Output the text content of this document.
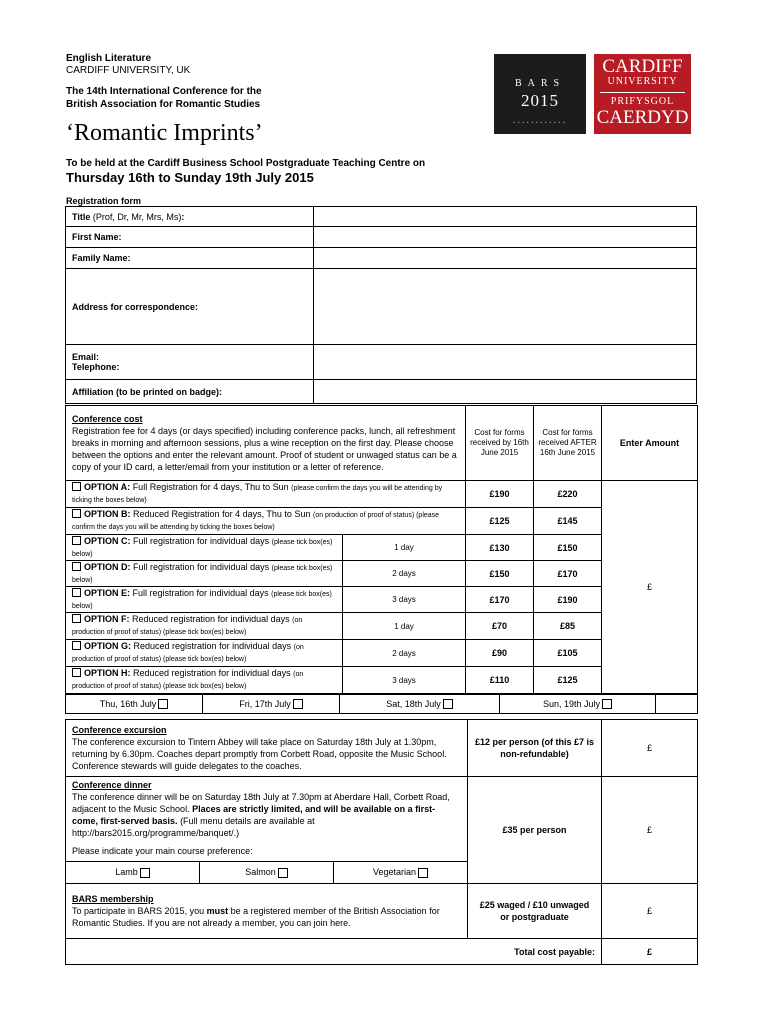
English Literature
CARDIFF UNIVERSITY, UK
The 14th International Conference for the
British Association for Romantic Studies
‘Romantic Imprints’
To be held at the Cardiff Business School Postgraduate Teaching Centre on
Thursday 16th to Sunday 19th July 2015
BARS
2015
............
CARDIFF
UNIVERSITY
PRIFYSGOL
CAERDYD
Registration form
Title (Prof, Dr, Mr, Mrs, Ms):	
First Name:	
Family Name:	
Address for correspondence:	

Email:
Telephone:	

Affiliation (to be printed on badge):	
Conference cost
Registration fee for 4 days (or days specified) including conference packs, lunch, all refreshment breaks in morning and afternoon sessions, plus a wine reception on the first day. Please choose between the options and enter the relevant amount. Proof of student or unwaged status can be a copy of your ID card, a letter/email from your institution or a letter of reference.		Cost for forms received by 16th June 2015	Cost for forms received AFTER 16th June 2015	Enter Amount
OPTION A: Full Registration for 4 days, Thu to Sun (please confirm the days you will be attending by ticking the boxes below)		£190	£220	£
OPTION B: Reduced Registration for 4 days, Thu to Sun (on production of proof of status) (please confirm the days you will be attending by ticking the boxes below)		£125	£145	
OPTION C: Full registration for individual days (please tick box(es) below)	1 day	£130	£150	
OPTION D: Full registration for individual days (please tick box(es) below)	2 days	£150	£170	
OPTION E: Full registration for individual days (please tick box(es) below)	3 days	£170	£190	
OPTION F: Reduced registration for individual days (on production of proof of status) (please tick box(es) below)	1 day	£70	£85	
OPTION G: Reduced registration for individual days (on production of proof of status) (please tick box(es) below)	2 days	£90	£105	
OPTION H: Reduced registration for individual days (on production of proof of status) (please tick box(es) below)	3 days	£110	£125	
Thu, 16th July	Fri, 17th July	Sat, 18th July	Sun, 19th July	
Conference excursion
The conference excursion to Tintern Abbey will take place on Saturday 18th July at 1.30pm, returning by 6.30pm. Coaches depart promptly from Corbett Road, opposite the Music School. Conference stewards will guide delegates to the coaches.			£12 per person (of this £7 is non-refundable)	£

Conference dinner
The conference dinner will be on Saturday 18th July at 7.30pm at Aberdare Hall, Corbett Road, adjacent to the Music School. Places are strictly limited, and will be available on a first-come, first-served basis. (Full menu details are available at http://bars2015.org/programme/banquet/.)
Please indicate your main course preference:			£35 per person	£
Lamb	Salmon	Vegetarian		

BARS membership
To participate in BARS 2015, you must be a registered member of the British Association for Romantic Studies. If you are not already a member, you can join here.			£25 waged / £10 unwaged or postgraduate	£
Total cost payable:				£
